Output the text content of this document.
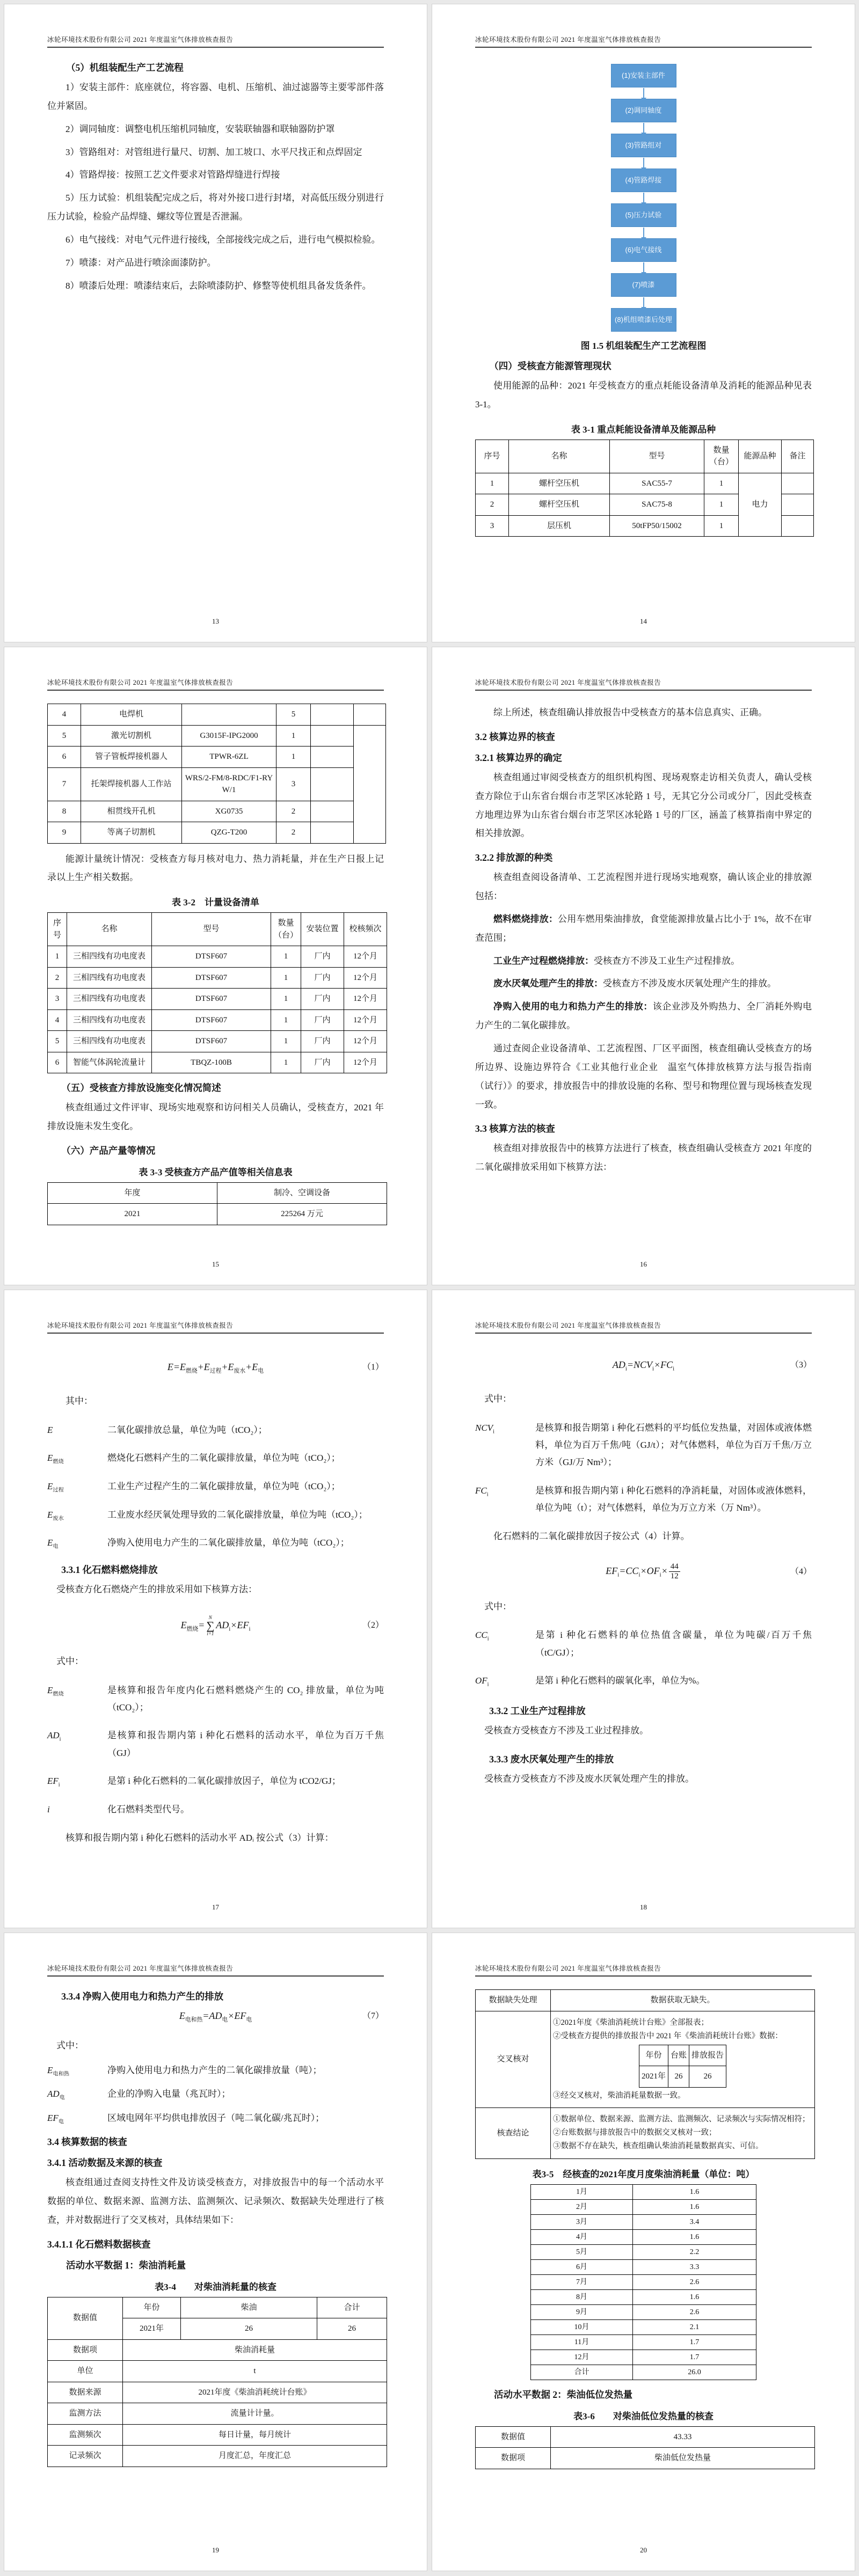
冰轮环境技术股份有限公司 2021 年度温室气体排放核查报告
（5）机组装配生产工艺流程

1）安装主部件：底座就位，将容器、电机、压缩机、油过滤器等主要零部件落位并紧固。

2）调同轴度：调整电机压缩机同轴度，安装联轴器和联轴器防护罩

3）管路组对：对管组进行量尺、切割、加工坡口、水平尺找正和点焊固定

4）管路焊接：按照工艺文件要求对管路焊缝进行焊接

5）压力试验：机组装配完成之后，将对外接口进行封堵，对高低压级分别进行压力试验，检验产品焊缝、螺纹等位置是否泄漏。

6）电气接线：对电气元件进行接线，全部接线完成之后，进行电气模拟检验。

7）喷漆：对产品进行喷涂面漆防护。

8）喷漆后处理：喷漆结束后，去除喷漆防护、修整等使机组具备发货条件。

13
冰轮环境技术股份有限公司 2021 年度温室气体排放核查报告
(1)安装主部件
(2)调同轴度
(3)管路组对
(4)管路焊接
(5)压力试验
(6)电气接线
(7)喷漆
(8)机组喷漆后处理
图 1.5 机组装配生产工艺流程图
（四）受核查方能源管理现状

使用能源的品种：2021 年受核查方的重点耗能设备清单及消耗的能源品种见表 3-1。

表 3-1 重点耗能设备清单及能源品种
序号	名称	型号	数量（台）	能源品种	备注
1	螺杆空压机	SAC55-7	1	电力	
2	螺杆空压机	SAC75-8	1		
3	层压机	50tFP50/15002	1		
14
冰轮环境技术股份有限公司 2021 年度温室气体排放核查报告
4	电焊机		5		
5	激光切割机	G3015F-IPG2000	1		
6	管子管板焊接机器人	TPWR-6ZL	1		
7	托架焊接机器人工作站	WRS/2-FM/8-RDC/F1-RYW/1	3		
8	相贯线开孔机	XG0735	2		
9	等离子切割机	QZG-T200	2		

能源计量统计情况：受核查方每月核对电力、热力消耗量，并在生产日报上记录以上生产相关数据。

表 3-2　计量设备清单
序号	名称	型号	数量（台）	安装位置	校核频次
1	三相四线有功电度表	DTSF607	1	厂内	12个月
2	三相四线有功电度表	DTSF607	1	厂内	12个月
3	三相四线有功电度表	DTSF607	1	厂内	12个月
4	三相四线有功电度表	DTSF607	1	厂内	12个月
5	三相四线有功电度表	DTSF607	1	厂内	12个月
6	智能气体涡轮流量计	TBQZ-100B	1	厂内	12个月
（五）受核查方排放设施变化情况简述

核查组通过文件评审、现场实地观察和访问相关人员确认，受核查方，2021 年排放设施未发生变化。

（六）产品产量等情况
表 3-3 受核查方产品产值等相关信息表
年度	制冷、空调设备
2021	225264 万元
15
冰轮环境技术股份有限公司 2021 年度温室气体排放核查报告

综上所述，核查组确认排放报告中受核查方的基本信息真实、正确。

3.2 核算边界的核查
3.2.1 核算边界的确定

核查组通过审阅受核查方的组织机构图、现场观察走访相关负责人，确认受核查方除位于山东省台烟台市芝罘区冰轮路 1 号，无其它分公司或分厂，因此受核查方地理边界为山东省台烟台市芝罘区冰轮路 1 号的厂区，涵盖了核算指南中界定的相关排放源。

3.2.2 排放源的种类

核查组查阅设备清单、工艺流程图并进行现场实地观察，确认该企业的排放源包括：

燃料燃烧排放：公用车燃用柴油排放，食堂能源排放量占比小于 1%，故不在审查范围；

工业生产过程燃烧排放：受核查方不涉及工业生产过程排放。

废水厌氧处理产生的排放：受核查方不涉及废水厌氧处理产生的排放。

净购入使用的电力和热力产生的排放：该企业涉及外购热力、全厂消耗外购电力产生的二氧化碳排放。

通过查阅企业设备清单、工艺流程图、厂区平面图，核查组确认受核查方的场所边界、设施边界符合《工业其他行业企业　温室气体排放核算方法与报告指南（试行）》的要求，排放报告中的排放设施的名称、型号和物理位置与现场核查发现一致。

3.3 核算方法的核查

核查组对排放报告中的核算方法进行了核查，核查组确认受核查方 2021 年度的二氧化碳排放采用如下核算方法：

16
冰轮环境技术股份有限公司 2021 年度温室气体排放核查报告
$E=E_{燃烧}+E_{过程}+E_{废水}+E_电$	（1）

其中：

E	二氧化碳排放总量，单位为吨（tCO₂）；
$E_{燃烧}$	燃烧化石燃料产生的二氧化碳排放量，单位为吨（tCO₂）；
$E_{过程}$	工业生产过程产生的二氧化碳排放量，单位为吨（tCO₂）；
$E_{废水}$	工业废水经厌氧处理导致的二氧化碳排放量，单位为吨（tCO₂）；
$E_电$	净购入使用电力产生的二氧化碳排放量，单位为吨（tCO₂）；
3.3.1 化石燃料燃烧排放

受核查方化石燃烧产生的排放采用如下核算方法：

$E_{燃烧}=$
N
∑
i=1
$AD_i\times EF_i$	（2）

式中：

$E_{燃烧}$	是核算和报告年度内化石燃料燃烧产生的 CO₂ 排放量，单位为吨（tCO₂）；
$AD_i$	是核算和报告期内第 i 种化石燃料的活动水平，单位为百万千焦（GJ）
$EF_i$	是第 i 种化石燃料的二氧化碳排放因子，单位为 tCO2/GJ；
i	化石燃料类型代号。

核算和报告期内第 i 种化石燃料的活动水平 ADᵢ 按公式（3）计算：

17
冰轮环境技术股份有限公司 2021 年度温室气体排放核查报告
$AD_i=NCV_i\times FC_i$	（3）

式中：

$NCV_i$	是核算和报告期第 i 种化石燃料的平均低位发热量，对固体或液体燃料，单位为百万千焦/吨（GJ/t）；对气体燃料，单位为百万千焦/万立方米（GJ/万 Nm³）；
$FC_i$	是核算和报告期内第 i 种化石燃料的净消耗量，对固体或液体燃料，单位为吨（t）；对气体燃料，单位为万立方米（万 Nm³）。

化石燃料的二氧化碳排放因子按公式（4）计算。

$EF_i=CC_i\times OF_i\times \frac{44}{12}$	（4）

式中：

$CC_i$	是第 i 种化石燃料的单位热值含碳量，单位为吨碳/百万千焦（tC/GJ）；
$OF_i$	是第 i 种化石燃料的碳氧化率，单位为%。
3.3.2 工业生产过程排放

受核查方受核查方不涉及工业过程排放。

3.3.3 废水厌氧处理产生的排放

受核查方受核查方不涉及废水厌氧处理产生的排放。

18
冰轮环境技术股份有限公司 2021 年度温室气体排放核查报告
3.3.4 净购入使用电力和热力产生的排放
$E_{电和热}=AD_电\times EF_电$	（7）

式中：

$E_{电和热}$	净购入使用电力和热力产生的二氧化碳排放量（吨）；
$AD_电$	企业的净购入电量（兆瓦时）；
$EF_电$	区域电网年平均供电排放因子（吨二氧化碳/兆瓦时）；
3.4 核算数据的核查
3.4.1 活动数据及来源的核查

核查组通过查阅支持性文件及访谈受核查方，对排放报告中的每一个活动水平数据的单位、数据来源、监测方法、监测频次、记录频次、数据缺失处理进行了核查，并对数据进行了交叉核对，具体结果如下：

3.4.1.1 化石燃料数据核查
活动水平数据 1：柴油消耗量
表3-4　　对柴油消耗量的核查
数据值	年份	柴油	合计
	2021年	26	26
数据项	柴油消耗量		
单位	t		
数据来源	2021年度《柴油消耗统计台账》		
监测方法	流量计计量。		
监测频次	每日计量，每月统计		
记录频次	月度汇总，年度汇总		
19
冰轮环境技术股份有限公司 2021 年度温室气体排放核查报告
数据缺失处理	数据获取无缺失。
交叉核对	
①2021年度《柴油消耗统计台账》全部报表；
②受核查方提供的排放报告中 2021 年《柴油消耗统计台账》数据：
年份	台账	排放报告
2021年	26	26
③经交叉核对，柴油消耗量数据一致。

核查结论	
①数据单位、数据来源、监测方法、监测频次、记录频次与实际情况相符；
②台账数据与排放报告中的数据交叉核对一致；
③数据不存在缺失，核查组确认柴油消耗量数据真实、可信。
表3-5　经核查的2021年度月度柴油消耗量（单位：吨）
1月	1.6
2月	1.6
3月	3.4
4月	1.6
5月	2.2
6月	3.3
7月	2.6
8月	1.6
9月	2.6
10月	2.1
11月	1.7
12月	1.7
合计	26.0
活动水平数据 2：柴油低位发热量
表3-6　　对柴油低位发热量的核查
数据值	43.33
数据项	柴油低位发热量
20
